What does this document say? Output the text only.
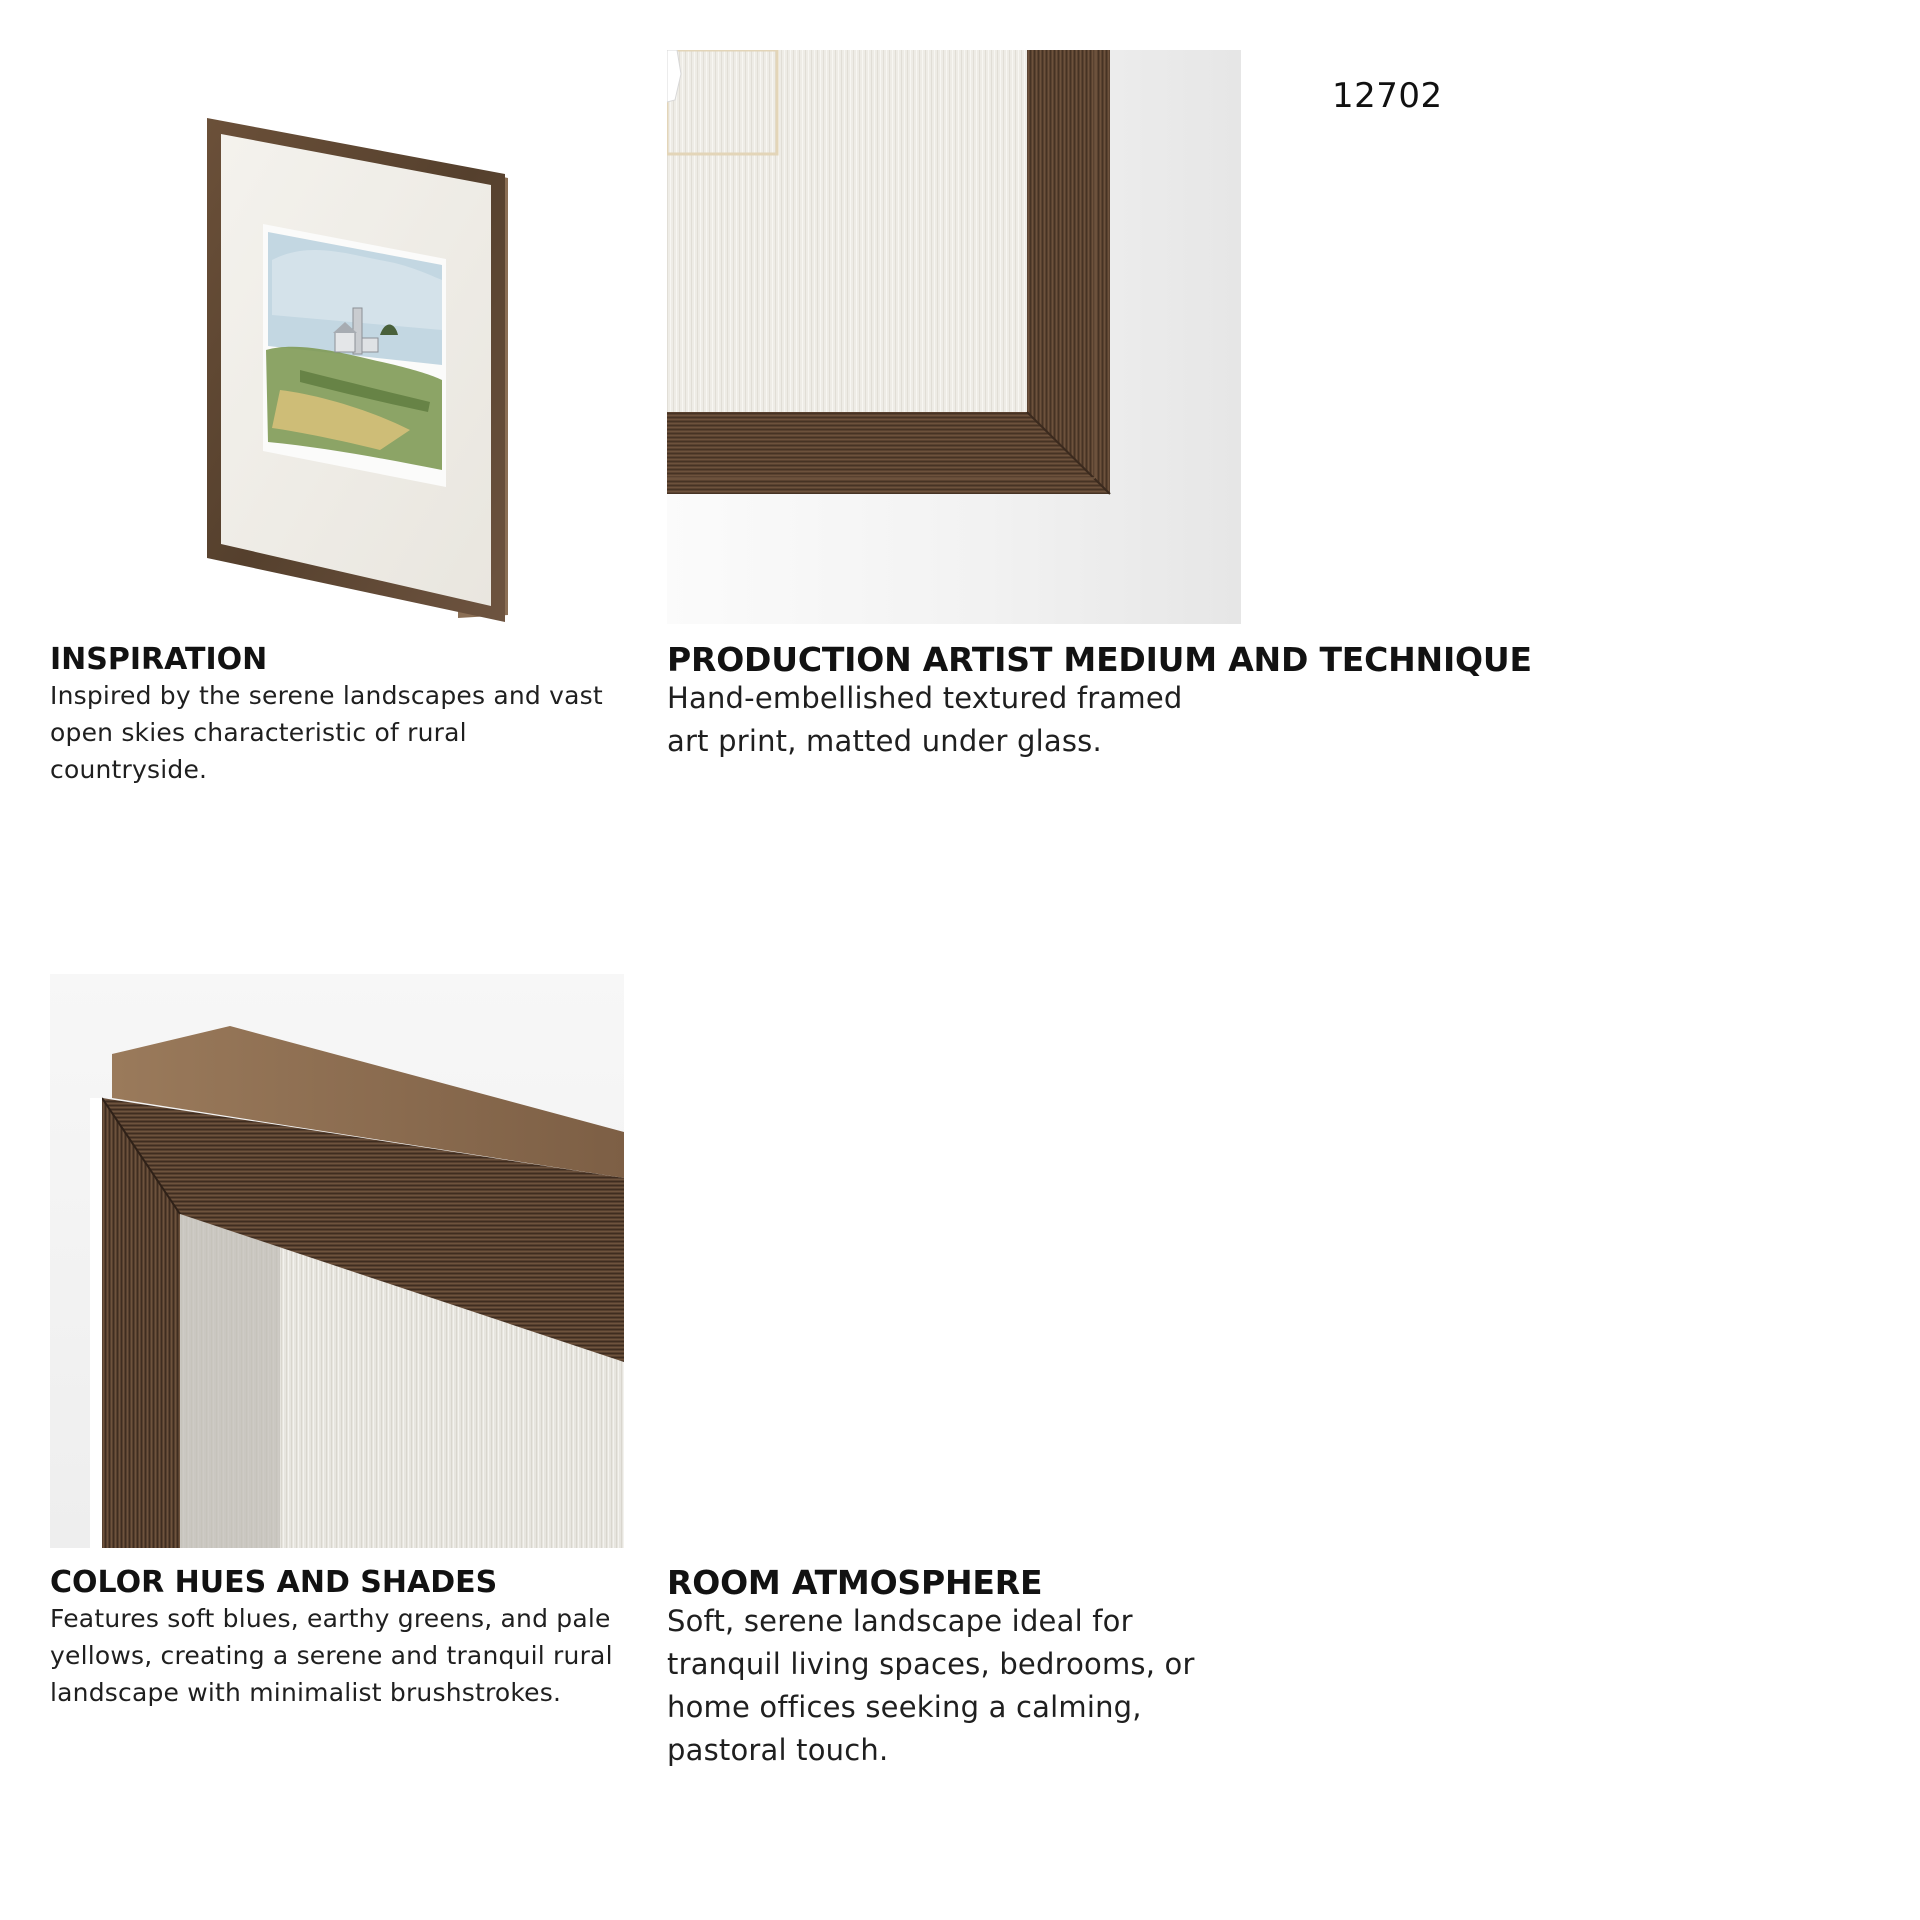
12702
INSPIRATION
Inspired by the serene landscapes and vast open skies characteristic of rural countryside.
PRODUCTION ARTIST MEDIUM AND TECHNIQUE
Hand-embellished textured framed art print, matted under glass.
COLOR HUES AND SHADES
Features soft blues, earthy greens, and pale yellows, creating a serene and tranquil rural landscape with minimalist brushstrokes.
ROOM ATMOSPHERE
Soft, serene landscape ideal for tranquil living spaces, bedrooms, or home offices seeking a calming, pastoral touch.
